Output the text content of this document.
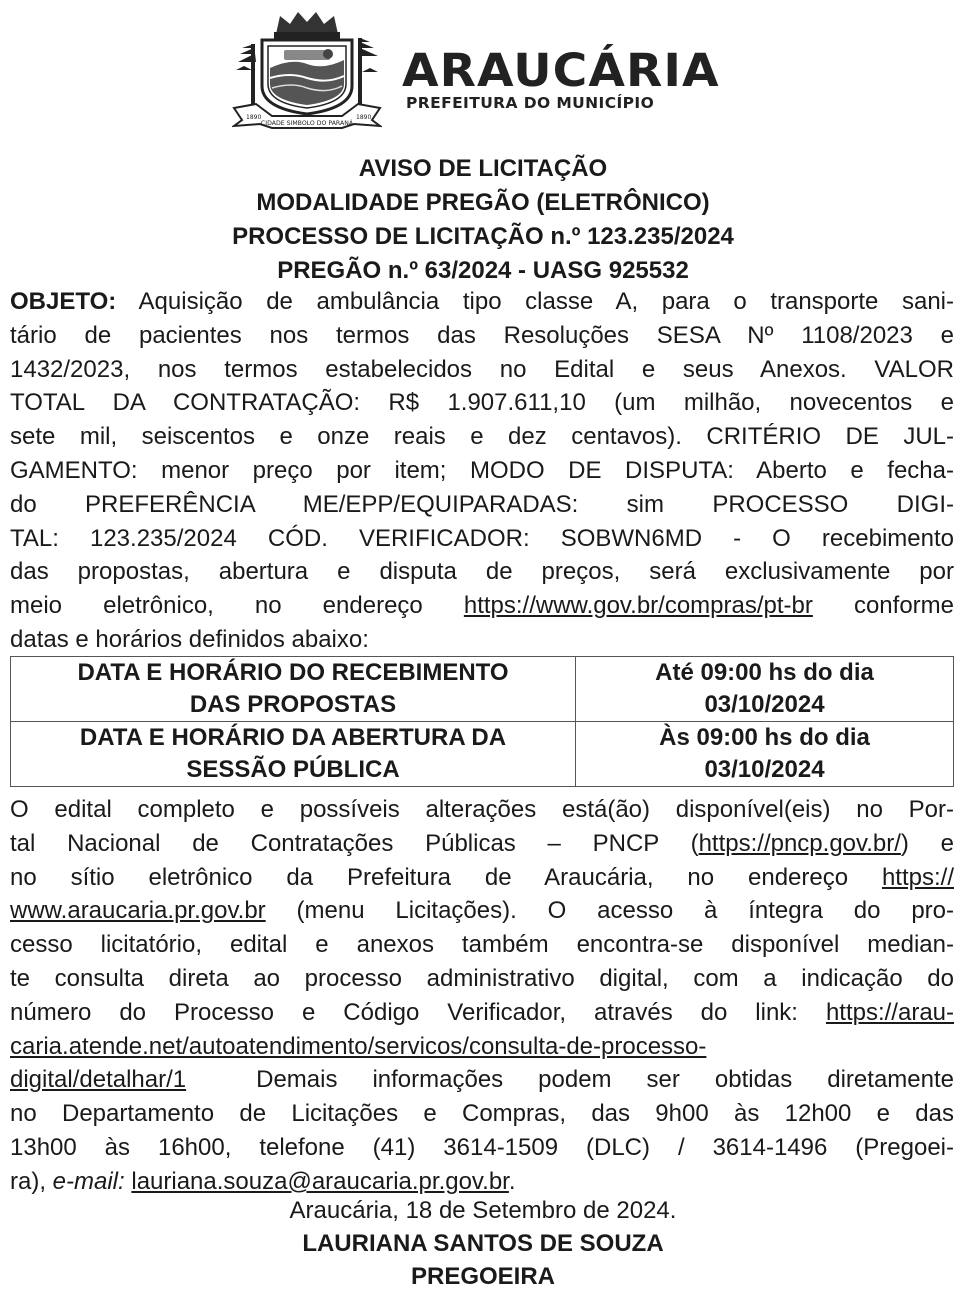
1890
CIDADE SIMBOLO DO PARANÁ
1890
ARAUCÁRIA
PREFEITURA DO MUNICÍPIO
AVISO DE LICITAÇÃO
MODALIDADE PREGÃO (ELETRÔNICO)
PROCESSO DE LICITAÇÃO n.º 123.235/2024
PREGÃO n.º 63/2024 - UASG 925532
OBJETO: Aquisição de ambulância tipo classe A, para o transporte sani-
tário de pacientes nos termos das Resoluções SESA Nº 1108/2023 e
1432/2023, nos termos estabelecidos no Edital e seus Anexos. VALOR
TOTAL DA CONTRATAÇÃO: R$ 1.907.611,10 (um milhão, novecentos e
sete mil, seiscentos e onze reais e dez centavos). CRITÉRIO DE JUL-
GAMENTO: menor preço por item; MODO DE DISPUTA: Aberto e fecha-
do PREFERÊNCIA ME/EPP/EQUIPARADAS: sim PROCESSO DIGI-
TAL: 123.235/2024 CÓD. VERIFICADOR: SOBWN6MD - O recebimento
das propostas, abertura e disputa de preços, será exclusivamente por
meio eletrônico, no endereço https://www.gov.br/compras/pt-br conforme
datas e horários definidos abaixo:
DATA E HORÁRIO DO RECEBIMENTO
DAS PROPOSTAS	Até 09:00 hs do dia
03/10/2024
DATA E HORÁRIO DA ABERTURA DA
SESSÃO PÚBLICA	Às 09:00 hs do dia
03/10/2024
O edital completo e possíveis alterações está(ão) disponível(eis) no Por-
tal Nacional de Contratações Públicas – PNCP (https://pncp.gov.br/) e
no sítio eletrônico da Prefeitura de Araucária, no endereço https://
www.araucaria.pr.gov.br (menu Licitações). O acesso à íntegra do pro-
cesso licitatório, edital e anexos também encontra-se disponível median-
te consulta direta ao processo administrativo digital, com a indicação do
número do Processo e Código Verificador, através do link: https://arau-
caria.atende.net/autoatendimento/servicos/consulta-de-processo-
digital/detalhar/1  Demais informações podem ser obtidas diretamente
no Departamento de Licitações e Compras, das 9h00 às 12h00 e das
13h00 às 16h00, telefone (41) 3614-1509 (DLC) / 3614-1496 (Pregoei-
ra), e-mail: lauriana.souza@araucaria.pr.gov.br.
Araucária, 18 de Setembro de 2024.
LAURIANA SANTOS DE SOUZA
PREGOEIRA
